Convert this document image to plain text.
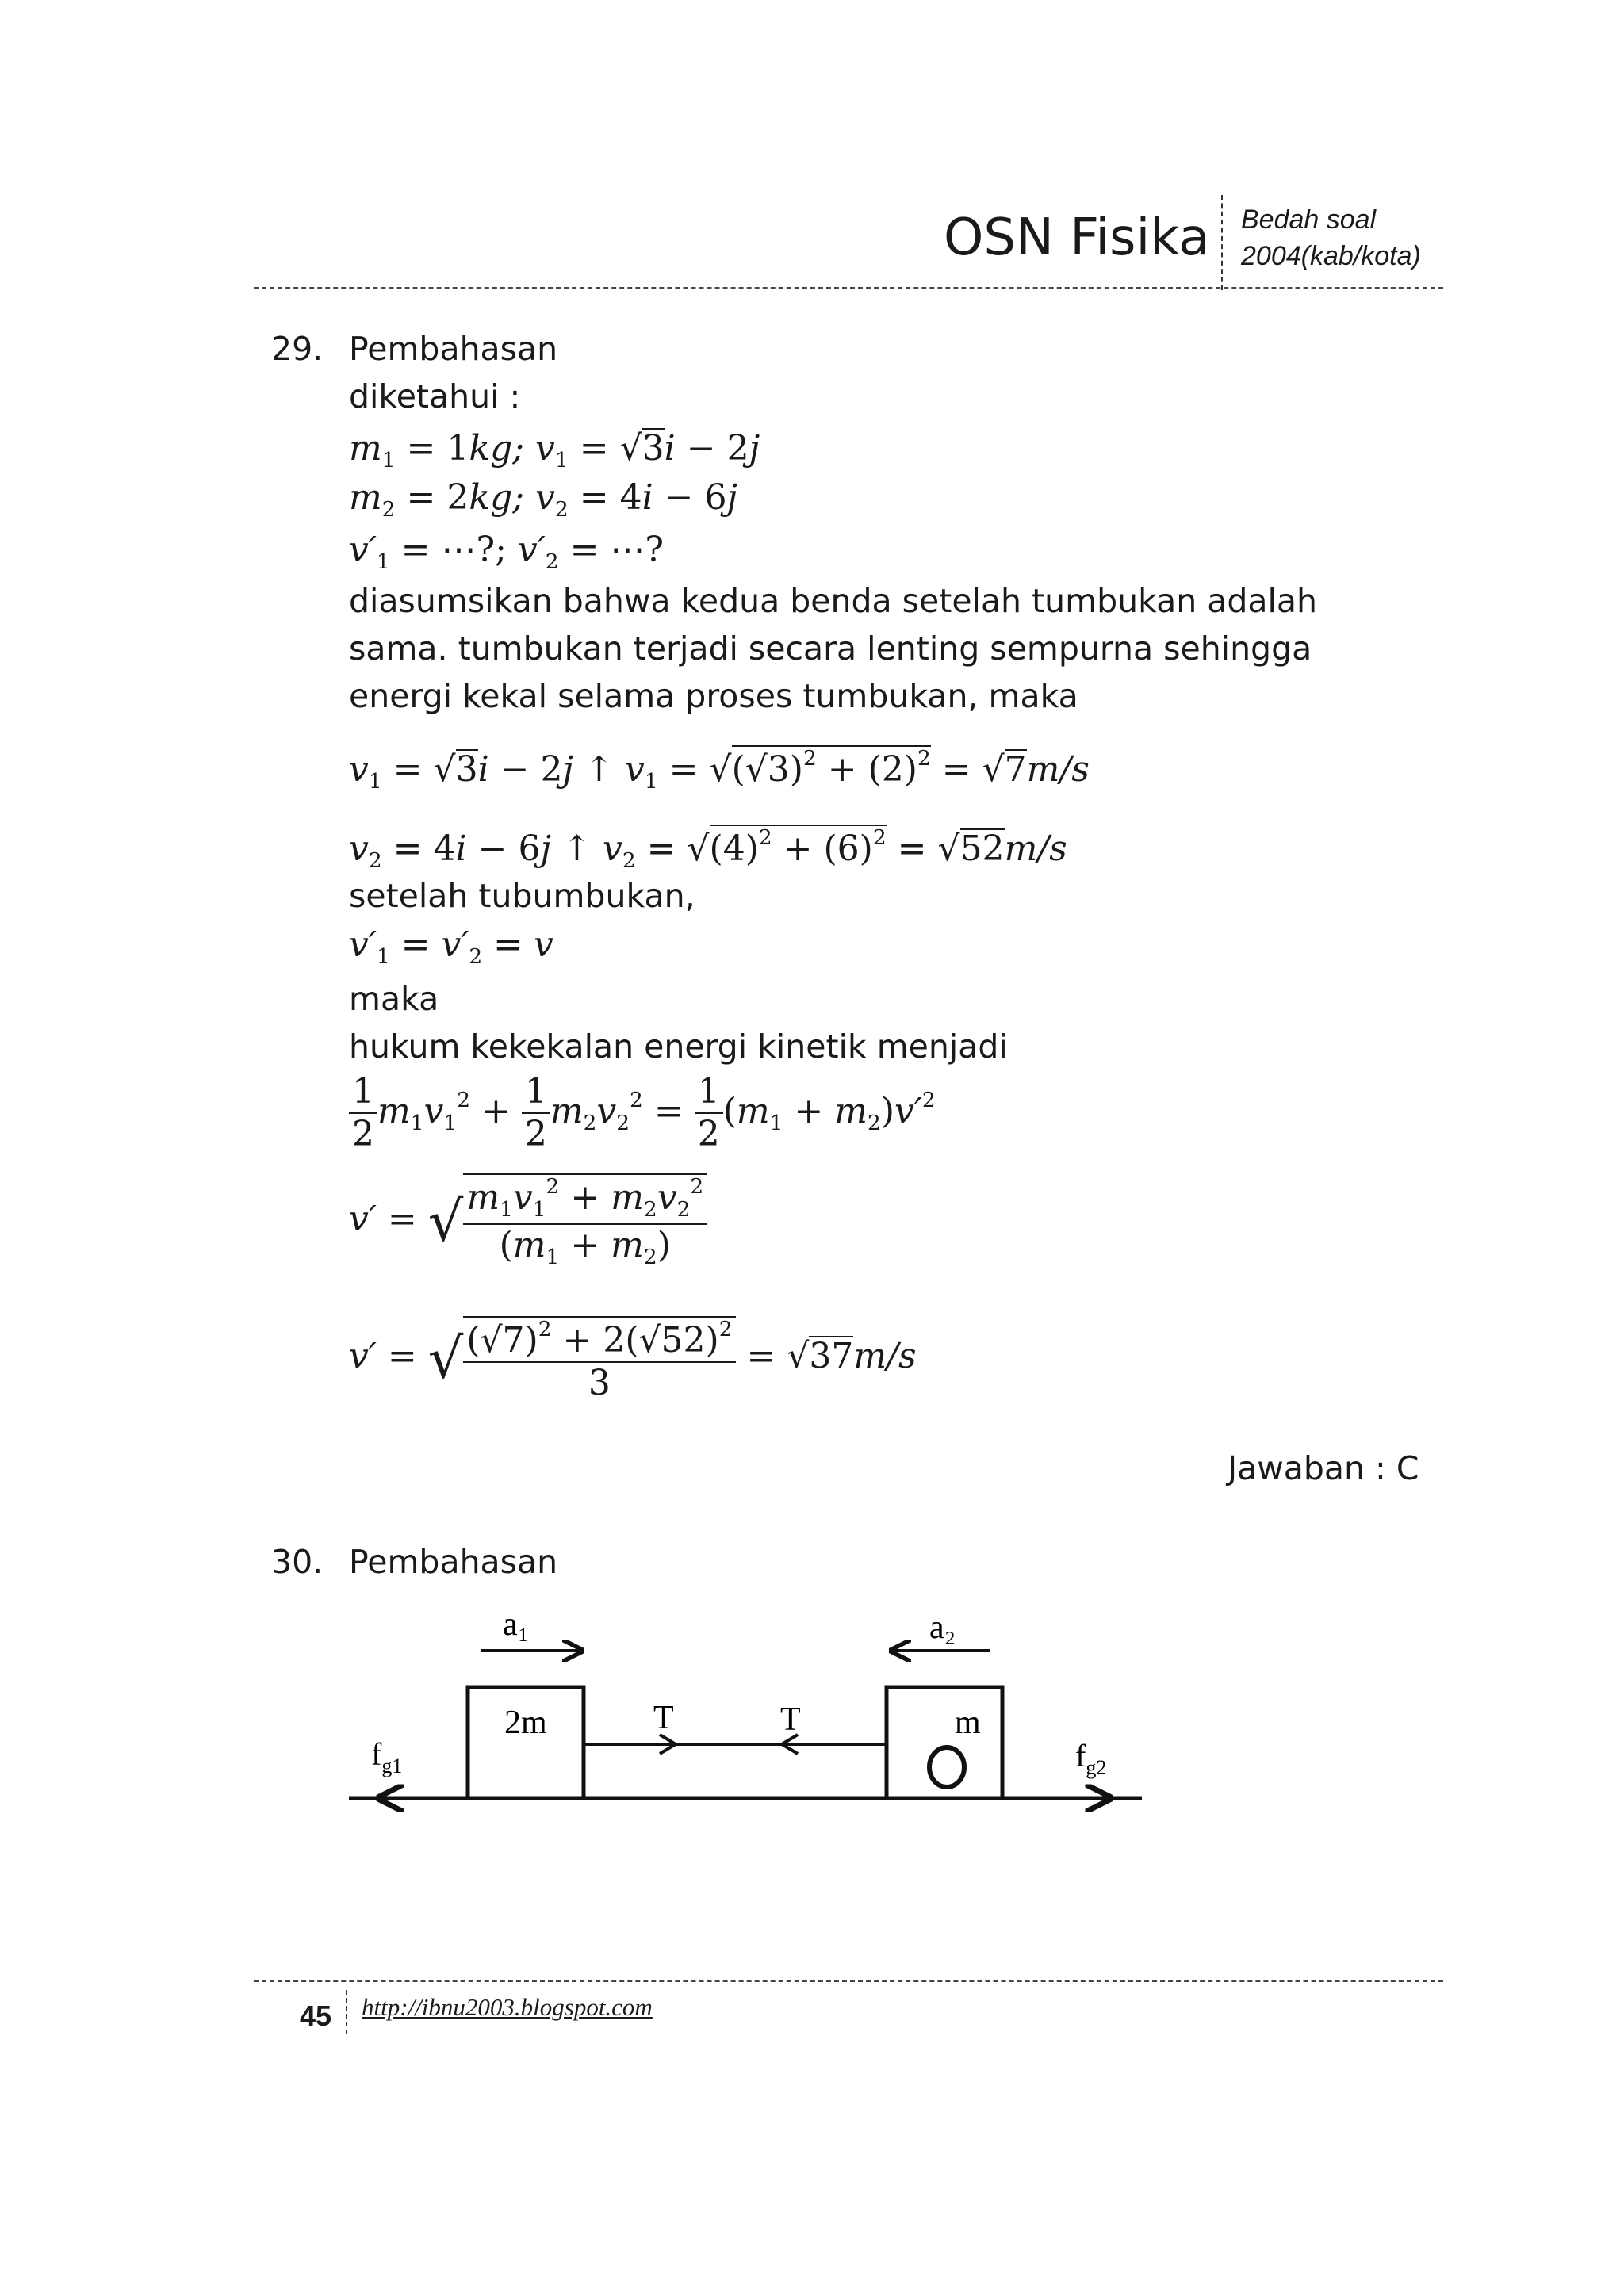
OSN Fisika Bedah soal
2004(kab/kota)
29. Pembahasan
diketahui :
$m_1 = 1kg$; $v_1 = √3i - 2j$
$m_2 = 2kg$; $v_2 = 4i - 6j$
$v'_1$ = ⋯?; $v'_2$ = ⋯?
diasumsikan bahwa kedua benda setelah tumbukan adalah
sama. tumbukan terjadi secara lenting sempurna sehingga
energi kekal selama proses tumbukan, maka
$v_1 = √3i - 2j$ ↑ $v_1 = √(√3)^2 + (2)^2 = √7m/s$
$v_2 = 4i - 6j$ ↑ $v_2 = √(4)^2 + (6)^2 = √52m/s$
setelah tubumbukan,
$v'_1 = v'_2 = v$
maka
hukum kekekalan energi kinetik menjadi
$\frac{1}{2} m_1v_1^2 + \frac{1}{2} m_2v_2^2 = \frac{1}{2} (m_1 + m_2)v'^2$
v′ = √ $\frac{m_1v_1^2 + m_2v_2^2}{(m_1 + m_2)}$
v′ = √ $\frac{(√7)^2 + 2(√52)^2}{3} = √37m/s$
Jawaban : C
30. Pembahasan
a₁	a₂
2m	m
T	T
$f_{g1}$	$f_{g2}$
45 http://ibnu2003.blogspot.com
